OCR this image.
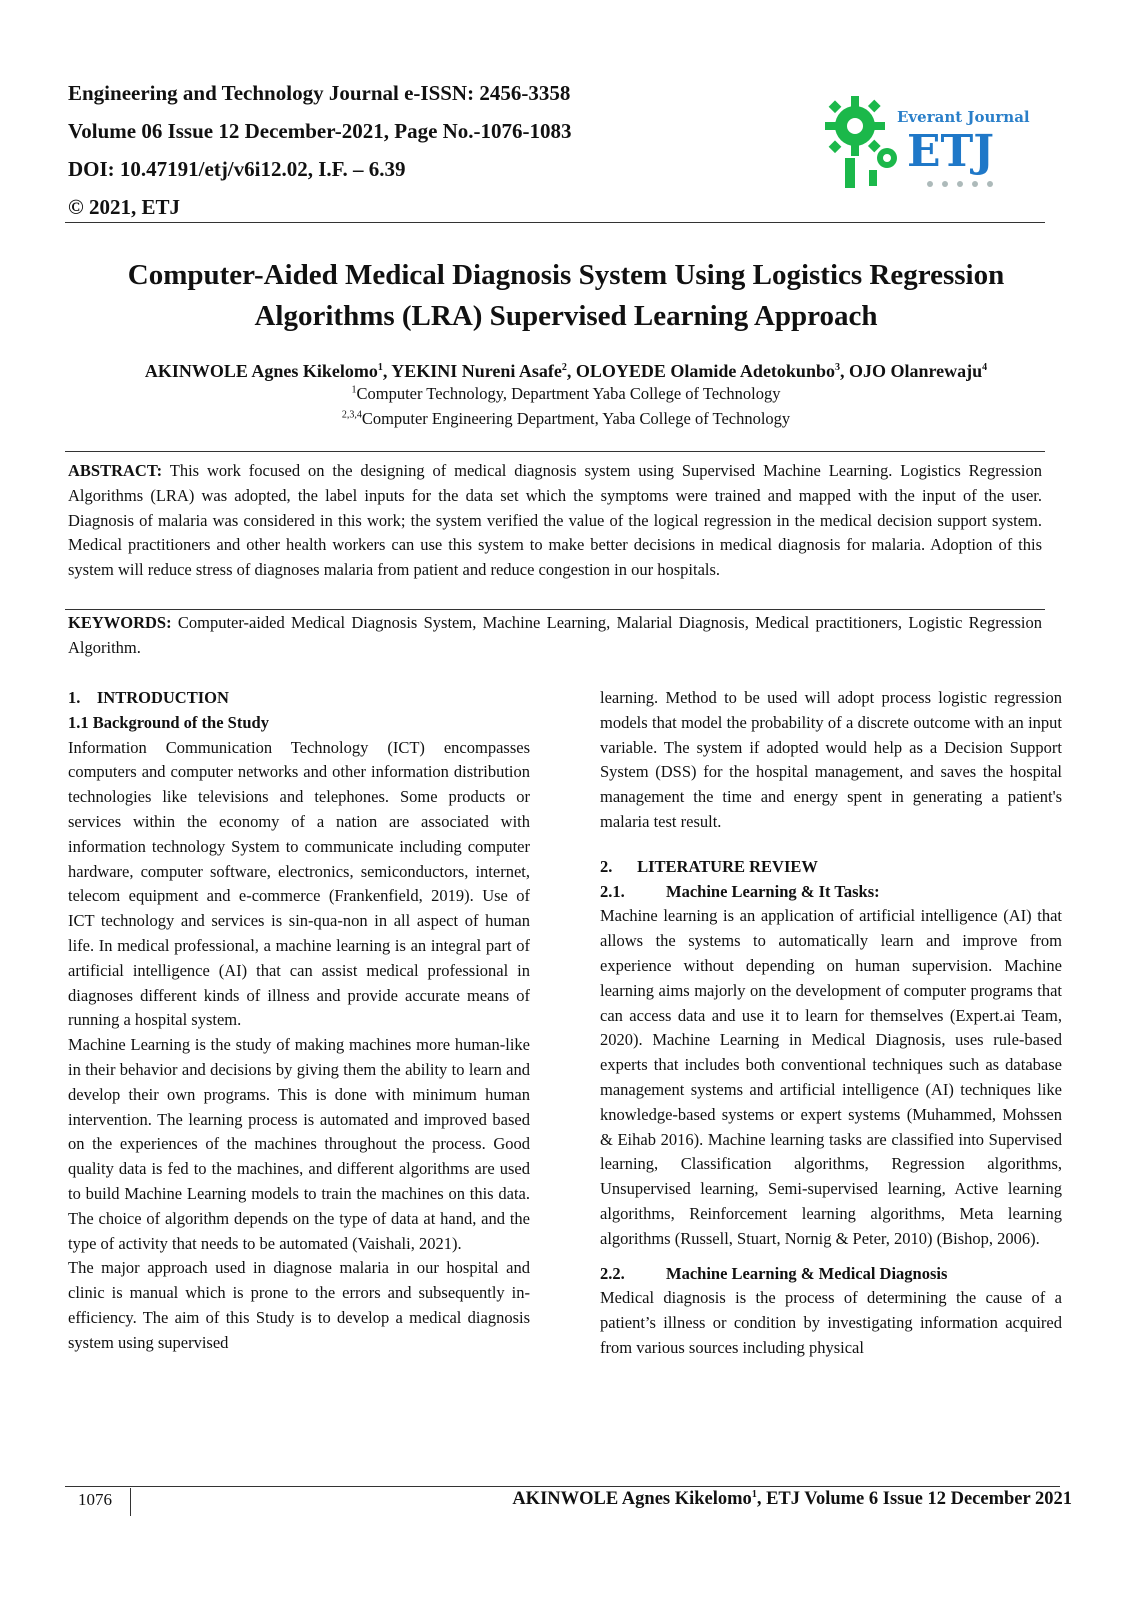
Engineering and Technology Journal e-ISSN: 2456-3358
Volume 06 Issue 12 December-2021, Page No.-1076-1083
DOI: 10.47191/etj/v6i12.02, I.F. – 6.39
© 2021, ETJ
Everant Journal
ETJ
Computer-Aided Medical Diagnosis System Using Logistics Regression
Algorithms (LRA) Supervised Learning Approach
AKINWOLE Agnes Kikelomo$^1$, YEKINI Nureni Asafe$^2$, OLOYEDE Olamide Adetokunbo$^3$, OJO Olanrewaju$^4$
$^1$Computer Technology, Department Yaba College of Technology
$^{2,3,4}$Computer Engineering Department, Yaba College of Technology
ABSTRACT: This work focused on the designing of medical diagnosis system using Supervised Machine Learning. Logistics Regression Algorithms (LRA) was adopted, the label inputs for the data set which the symptoms were trained and mapped with the input of the user. Diagnosis of malaria was considered in this work; the system verified the value of the logical regression in the medical decision support system. Medical practitioners and other health workers can use this system to make better decisions in medical diagnosis for malaria. Adoption of this system will reduce stress of diagnoses malaria from patient and reduce congestion in our hospitals.
KEYWORDS: Computer-aided Medical Diagnosis System, Machine Learning, Malarial Diagnosis, Medical practitioners, Logistic Regression Algorithm.
1.    INTRODUCTION
1.1 Background of the Study

Information Communication Technology (ICT) encompasses computers and computer networks and other information distribution technologies like televisions and telephones. Some products or services within the economy of a nation are associated with information technology System to communicate including computer hardware, computer software, electronics, semiconductors, internet, telecom equipment and e-commerce (Frankenfield, 2019). Use of ICT technology and services is sin-qua-non in all aspect of human life. In medical professional, a machine learning is an integral part of artificial intelligence (AI) that can assist medical professional in diagnoses different kinds of illness and provide accurate means of running a hospital system.

Machine Learning is the study of making machines more human-like in their behavior and decisions by giving them the ability to learn and develop their own programs. This is done with minimum human intervention. The learning process is automated and improved based on the experiences of the machines throughout the process. Good quality data is fed to the machines, and different algorithms are used to build Machine Learning models to train the machines on this data. The choice of algorithm depends on the type of data at hand, and the type of activity that needs to be automated (Vaishali, 2021).

The major approach used in diagnose malaria in our hospital and clinic is manual which is prone to the errors and subsequently in-efficiency. The aim of this Study is to develop a medical diagnosis system using supervised

learning. Method to be used will adopt process logistic regression models that model the probability of a discrete outcome with an input variable. The system if adopted would help as a Decision Support System (DSS) for the hospital management, and saves the hospital management the time and energy spent in generating a patient's malaria test result.

2.      LITERATURE REVIEW
2.1.	Machine Learning & It Tasks:

Machine learning is an application of artificial intelligence (AI) that allows the systems to automatically learn and improve from experience without depending on human supervision. Machine learning aims majorly on the development of computer programs that can access data and use it to learn for themselves (Expert.ai Team, 2020). Machine Learning in Medical Diagnosis, uses rule-based experts that includes both conventional techniques such as database management systems and artificial intelligence (AI) techniques like knowledge-based systems or expert systems (Muhammed, Mohssen & Eihab 2016). Machine learning tasks are classified into Supervised learning, Classification algorithms, Regression algorithms, Unsupervised learning, Semi-supervised learning, Active learning algorithms, Reinforcement learning algorithms, Meta learning algorithms (Russell, Stuart, Nornig & Peter, 2010) (Bishop, 2006).

2.2.	Machine Learning & Medical Diagnosis

Medical diagnosis is the process of determining the cause of a patient’s illness or condition by investigating information acquired from various sources including physical

1076	AKINWOLE Agnes Kikelomo$^1$, ETJ Volume 6 Issue 12 December 2021
